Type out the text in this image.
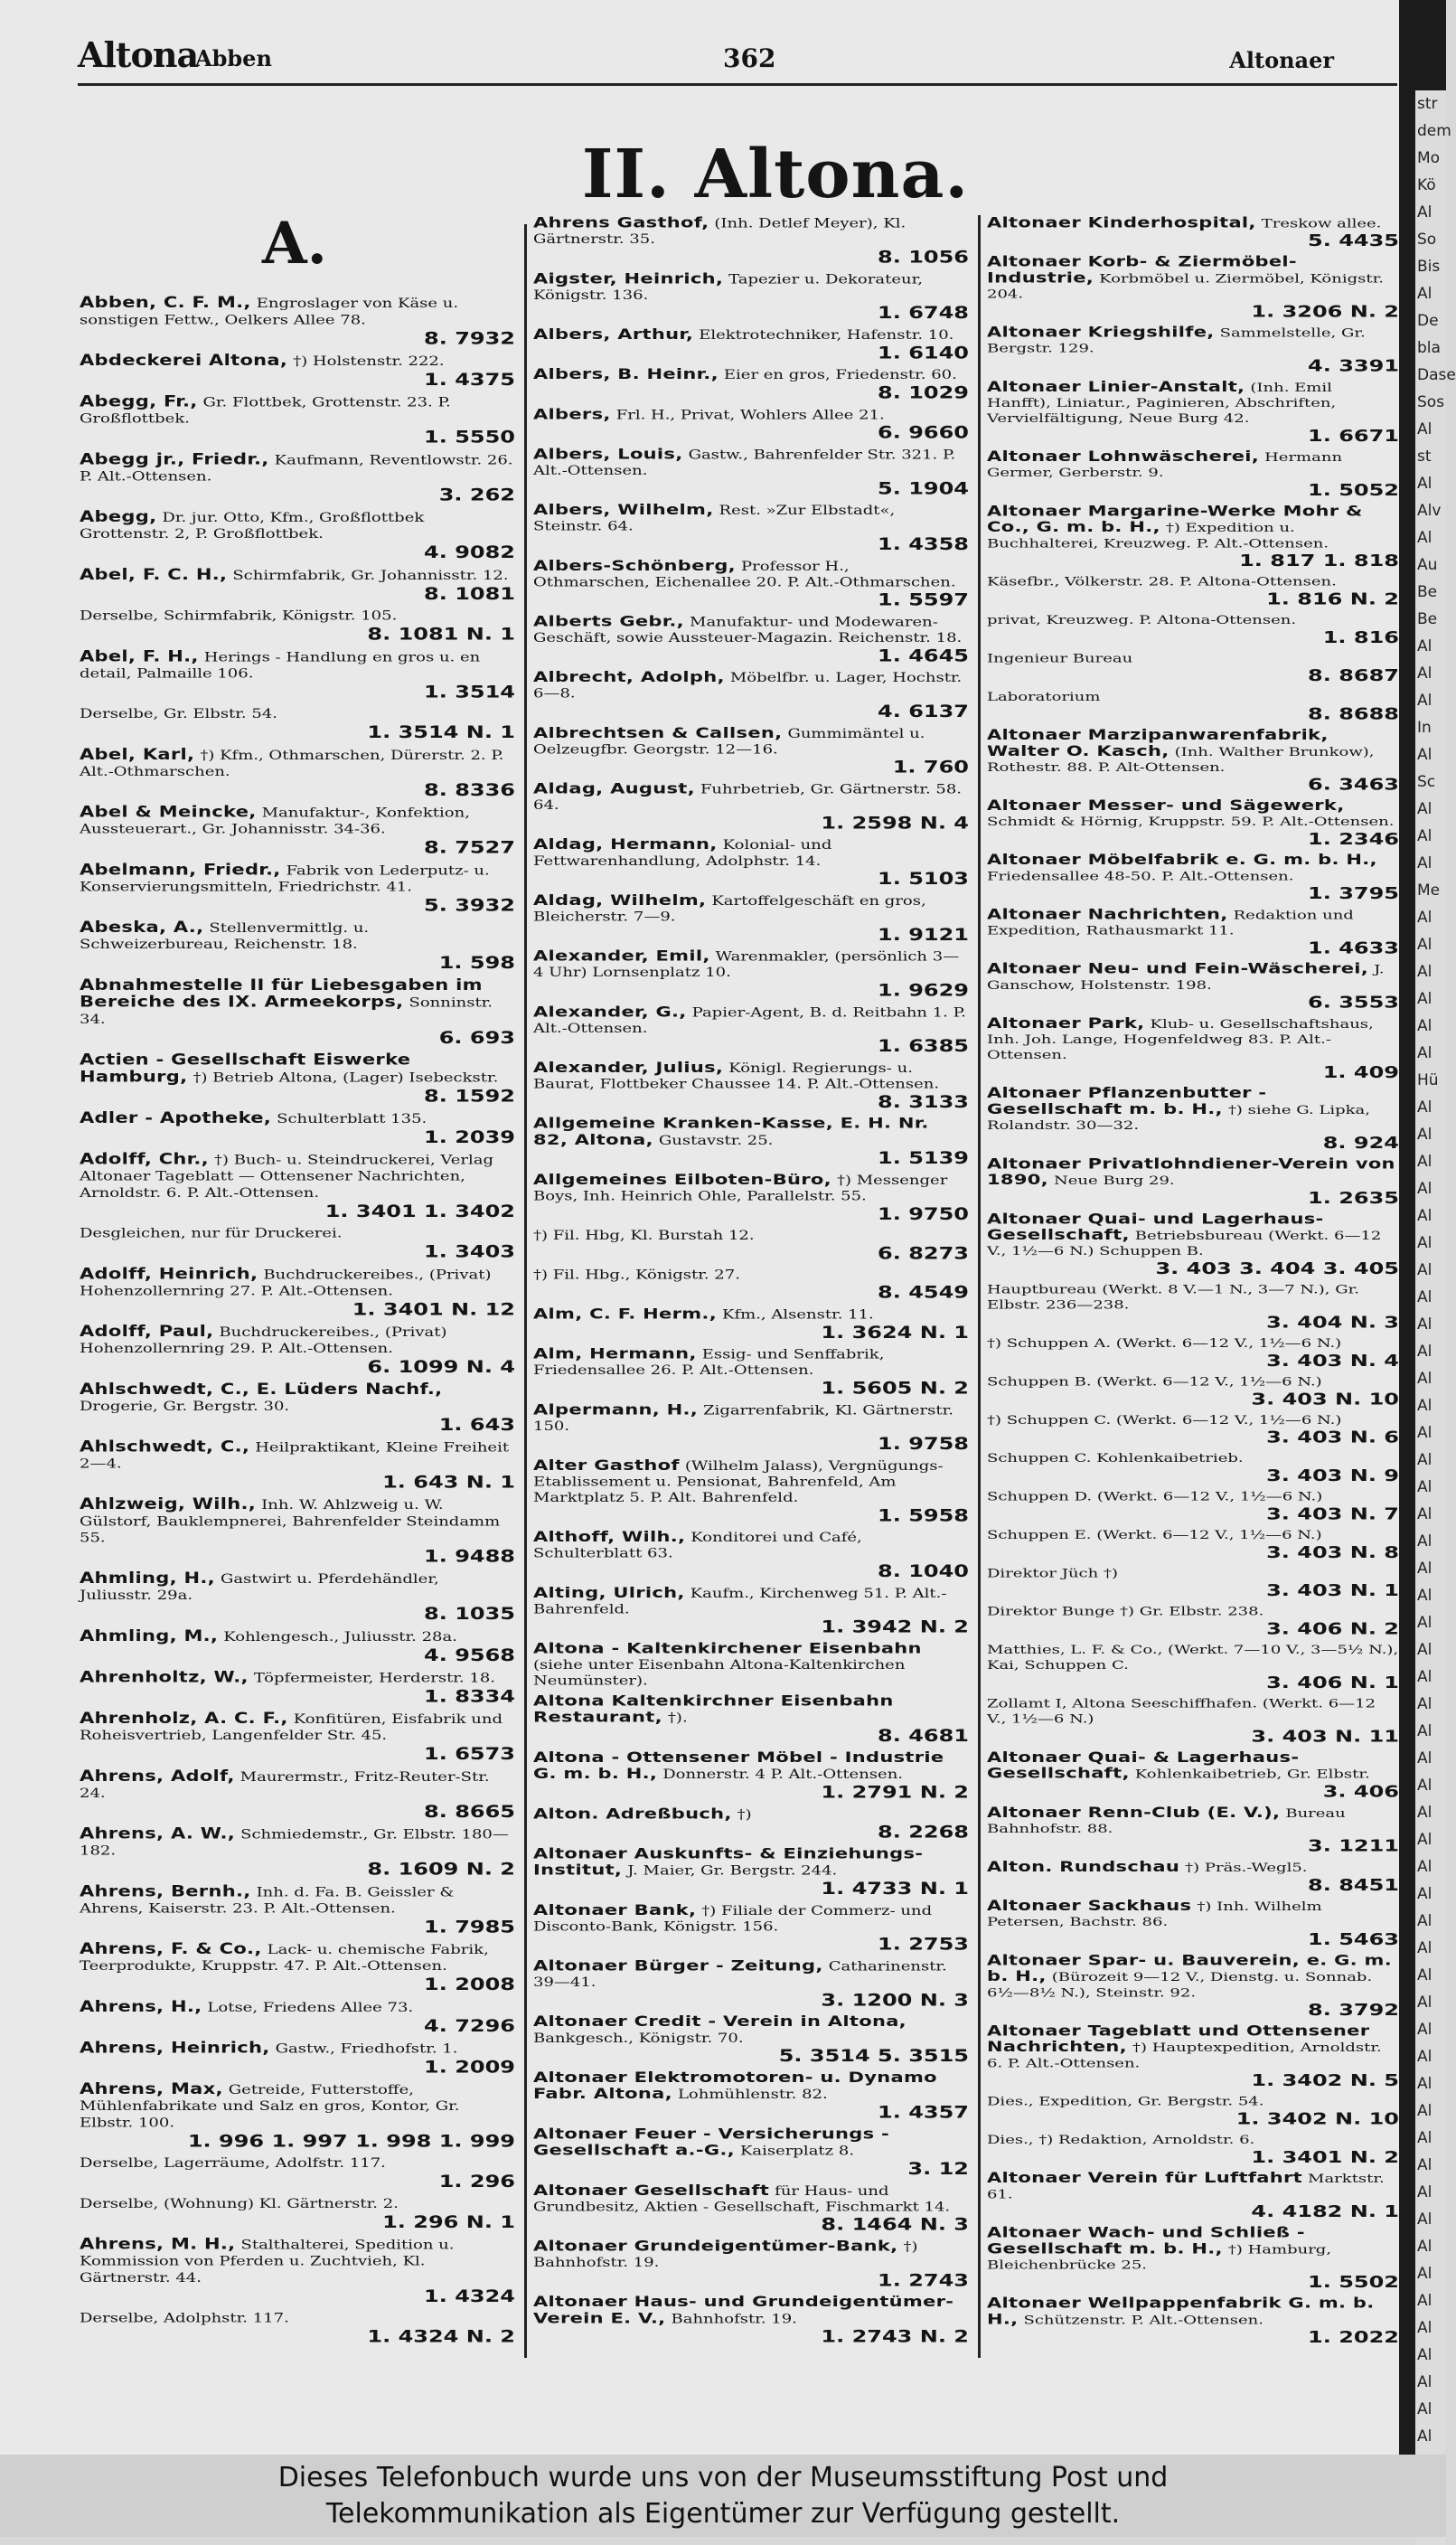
Altona
Abben	362	Altonaer
II. Altona.
A.
Abben, C. F. M., Engroslager von Käse u. sonstigen Fettw., Oelkers Allee 78.
8. 7932
Abdeckerei Altona, †) Holstenstr. 222.
1. 4375
Abegg, Fr., Gr. Flottbek, Grottenstr. 23. P. Großflottbek.
1. 5550
Abegg jr., Friedr., Kaufmann, Reventlowstr. 26. P. Alt.-Ottensen.
3. 262
Abegg, Dr. jur. Otto, Kfm., Großflottbek Grottenstr. 2, P. Großflottbek.
4. 9082
Abel, F. C. H., Schirmfabrik, Gr. Johannisstr. 12.
8. 1081
Derselbe, Schirmfabrik, Königstr. 105.
8. 1081 N. 1
Abel, F. H., Herings - Handlung en gros u. en detail, Palmaille 106.
1. 3514
Derselbe, Gr. Elbstr. 54.
1. 3514 N. 1
Abel, Karl, †) Kfm., Othmarschen, Dürerstr. 2. P. Alt.-Othmarschen.
8. 8336
Abel & Meincke, Manufaktur-, Konfektion, Aussteuerart., Gr. Johannisstr. 34-36.
8. 7527
Abelmann, Friedr., Fabrik von Lederputz- u. Konservierungsmitteln, Friedrichstr. 41.
5. 3932
Abeska, A., Stellenvermittlg. u. Schweizerbureau, Reichenstr. 18.
1. 598
Abnahmestelle II für Liebesgaben im Bereiche des IX. Armeekorps, Sonninstr. 34.
6. 693
Actien - Gesellschaft Eiswerke Hamburg, †) Betrieb Altona, (Lager) Isebeckstr.
8. 1592
Adler - Apotheke, Schulterblatt 135.
1. 2039
Adolff, Chr., †) Buch- u. Steindruckerei, Verlag Altonaer Tageblatt — Ottensener Nachrichten, Arnoldstr. 6. P. Alt.-Ottensen.
1. 3401 1. 3402
Desgleichen, nur für Druckerei.
1. 3403
Adolff, Heinrich, Buchdruckereibes., (Privat) Hohenzollernring 27. P. Alt.-Ottensen.
1. 3401 N. 12
Adolff, Paul, Buchdruckereibes., (Privat) Hohenzollernring 29. P. Alt.-Ottensen.
6. 1099 N. 4
Ahlschwedt, C., E. Lüders Nachf., Drogerie, Gr. Bergstr. 30.
1. 643
Ahlschwedt, C., Heilpraktikant, Kleine Freiheit 2—4.
1. 643 N. 1
Ahlzweig, Wilh., Inh. W. Ahlzweig u. W. Gülstorf, Bauklempnerei, Bahrenfelder Steindamm 55.
1. 9488
Ahmling, H., Gastwirt u. Pferdehändler, Juliusstr. 29a.
8. 1035
Ahmling, M., Kohlengesch., Juliusstr. 28a.
4. 9568
Ahrenholtz, W., Töpfermeister, Herderstr. 18.
1. 8334
Ahrenholz, A. C. F., Konfitüren, Eisfabrik und Roheisvertrieb, Langenfelder Str. 45.
1. 6573
Ahrens, Adolf, Maurermstr., Fritz-Reuter-Str. 24.
8. 8665
Ahrens, A. W., Schmiedemstr., Gr. Elbstr. 180—182.
8. 1609 N. 2
Ahrens, Bernh., Inh. d. Fa. B. Geissler & Ahrens, Kaiserstr. 23. P. Alt.-Ottensen.
1. 7985
Ahrens, F. & Co., Lack- u. chemische Fabrik, Teerprodukte, Kruppstr. 47. P. Alt.-Ottensen.
1. 2008
Ahrens, H., Lotse, Friedens Allee 73.
4. 7296
Ahrens, Heinrich, Gastw., Friedhofstr. 1.
1. 2009
Ahrens, Max, Getreide, Futterstoffe, Mühlenfabrikate und Salz en gros, Kontor, Gr. Elbstr. 100.
1. 996 1. 997 1. 998 1. 999
Derselbe, Lagerräume, Adolfstr. 117.
1. 296
Derselbe, (Wohnung) Kl. Gärtnerstr. 2.
1. 296 N. 1
Ahrens, M. H., Stalthalterei, Spedition u. Kommission von Pferden u. Zuchtvieh, Kl. Gärtnerstr. 44.
1. 4324
Derselbe, Adolphstr. 117.
1. 4324 N. 2
Ahrens Gasthof, (Inh. Detlef Meyer), Kl. Gärtnerstr. 35.
8. 1056
Aigster, Heinrich, Tapezier u. Dekorateur, Königstr. 136.
1. 6748
Albers, Arthur, Elektrotechniker, Hafenstr. 10.
1. 6140
Albers, B. Heinr., Eier en gros, Friedenstr. 60.
8. 1029
Albers, Frl. H., Privat, Wohlers Allee 21.
6. 9660
Albers, Louis, Gastw., Bahrenfelder Str. 321. P. Alt.-Ottensen.
5. 1904
Albers, Wilhelm, Rest. »Zur Elbstadt«, Steinstr. 64.
1. 4358
Albers-Schönberg, Professor H., Othmarschen, Eichenallee 20. P. Alt.-Othmarschen.
1. 5597
Alberts Gebr., Manufaktur- und Modewaren-Geschäft, sowie Aussteuer-Magazin. Reichenstr. 18.
1. 4645
Albrecht, Adolph, Möbelfbr. u. Lager, Hochstr. 6—8.
4. 6137
Albrechtsen & Callsen, Gummimäntel u. Oelzeugfbr. Georgstr. 12—16.
1. 760
Aldag, August, Fuhrbetrieb, Gr. Gärtnerstr. 58. 64.
1. 2598 N. 4
Aldag, Hermann, Kolonial- und Fettwarenhandlung, Adolphstr. 14.
1. 5103
Aldag, Wilhelm, Kartoffelgeschäft en gros, Bleicherstr. 7—9.
1. 9121
Alexander, Emil, Warenmakler, (persönlich 3—4 Uhr) Lornsenplatz 10.
1. 9629
Alexander, G., Papier-Agent, B. d. Reitbahn 1. P. Alt.-Ottensen.
1. 6385
Alexander, Julius, Königl. Regierungs- u. Baurat, Flottbeker Chaussee 14. P. Alt.-Ottensen.
8. 3133
Allgemeine Kranken-Kasse, E. H. Nr. 82, Altona, Gustavstr. 25.
1. 5139
Allgemeines Eilboten-Büro, †) Messenger Boys, Inh. Heinrich Ohle, Parallelstr. 55.
1. 9750
†) Fil. Hbg, Kl. Burstah 12.
6. 8273
†) Fil. Hbg., Königstr. 27.
8. 4549
Alm, C. F. Herm., Kfm., Alsenstr. 11.
1. 3624 N. 1
Alm, Hermann, Essig- und Senffabrik, Friedensallee 26. P. Alt.-Ottensen.
1. 5605 N. 2
Alpermann, H., Zigarrenfabrik, Kl. Gärtnerstr. 150.
1. 9758
Alter Gasthof (Wilhelm Jalass), Vergnügungs-Etablissement u. Pensionat, Bahrenfeld, Am Marktplatz 5. P. Alt. Bahrenfeld.
1. 5958
Althoff, Wilh., Konditorei und Café, Schulterblatt 63.
8. 1040
Alting, Ulrich, Kaufm., Kirchenweg 51. P. Alt.-Bahrenfeld.
1. 3942 N. 2
Altona - Kaltenkirchener Eisenbahn (siehe unter Eisenbahn Altona-Kaltenkirchen Neumünster).
Altona Kaltenkirchner Eisenbahn Restaurant, †).
8. 4681
Altona - Ottensener Möbel - Industrie G. m. b. H., Donnerstr. 4 P. Alt.-Ottensen.
1. 2791 N. 2
Alton. Adreßbuch, †)
8. 2268
Altonaer Auskunfts- & Einziehungs-Institut, J. Maier, Gr. Bergstr. 244.
1. 4733 N. 1
Altonaer Bank, †) Filiale der Commerz- und Disconto-Bank, Königstr. 156.
1. 2753
Altonaer Bürger - Zeitung, Catharinenstr. 39—41.
3. 1200 N. 3
Altonaer Credit - Verein in Altona, Bankgesch., Königstr. 70.
5. 3514 5. 3515
Altonaer Elektromotoren- u. Dynamo Fabr. Altona, Lohmühlenstr. 82.
1. 4357
Altonaer Feuer - Versicherungs - Gesellschaft a.-G., Kaiserplatz 8.
3. 12
Altonaer Gesellschaft für Haus- und Grundbesitz, Aktien - Gesellschaft, Fischmarkt 14.
8. 1464 N. 3
Altonaer Grundeigentümer-Bank, †) Bahnhofstr. 19.
1. 2743
Altonaer Haus- und Grundeigentümer-Verein E. V., Bahnhofstr. 19.
1. 2743 N. 2
Altonaer Kinderhospital, Treskow allee.
5. 4435
Altonaer Korb- & Ziermöbel-Industrie, Korbmöbel u. Ziermöbel, Königstr. 204.
1. 3206 N. 2
Altonaer Kriegshilfe, Sammelstelle, Gr. Bergstr. 129.
4. 3391
Altonaer Linier-Anstalt, (Inh. Emil Hanfft), Liniatur., Paginieren, Abschriften, Vervielfältigung, Neue Burg 42.
1. 6671
Altonaer Lohnwäscherei, Hermann Germer, Gerberstr. 9.
1. 5052
Altonaer Margarine-Werke Mohr & Co., G. m. b. H., †) Expedition u. Buchhalterei, Kreuzweg. P. Alt.-Ottensen.
1. 817 1. 818
Käsefbr., Völkerstr. 28. P. Altona-Ottensen.
1. 816 N. 2
privat, Kreuzweg. P. Altona-Ottensen.
1. 816
Ingenieur Bureau
8. 8687
Laboratorium
8. 8688
Altonaer Marzipanwarenfabrik, Walter O. Kasch, (Inh. Walther Brunkow), Rothestr. 88. P. Alt-Ottensen.
6. 3463
Altonaer Messer- und Sägewerk, Schmidt & Hörnig, Kruppstr. 59. P. Alt.-Ottensen.
1. 2346
Altonaer Möbelfabrik e. G. m. b. H., Friedensallee 48-50. P. Alt.-Ottensen.
1. 3795
Altonaer Nachrichten, Redaktion und Expedition, Rathausmarkt 11.
1. 4633
Altonaer Neu- und Fein-Wäscherei, J. Ganschow, Holstenstr. 198.
6. 3553
Altonaer Park, Klub- u. Gesellschaftshaus, Inh. Joh. Lange, Hogenfeldweg 83. P. Alt.-Ottensen.
1. 409
Altonaer Pflanzenbutter - Gesellschaft m. b. H., †) siehe G. Lipka, Rolandstr. 30—32.
8. 924
Altonaer Privatlohndiener-Verein von 1890, Neue Burg 29.
1. 2635
Altonaer Quai- und Lagerhaus-Gesellschaft, Betriebsbureau (Werkt. 6—12 V., 1½—6 N.) Schuppen B.
3. 403 3. 404 3. 405
Hauptbureau (Werkt. 8 V.—1 N., 3—7 N.), Gr. Elbstr. 236—238.
3. 404 N. 3
†) Schuppen A. (Werkt. 6—12 V., 1½—6 N.)
3. 403 N. 4
Schuppen B. (Werkt. 6—12 V., 1½—6 N.)
3. 403 N. 10
†) Schuppen C. (Werkt. 6—12 V., 1½—6 N.)
3. 403 N. 6
Schuppen C. Kohlenkaibetrieb.
3. 403 N. 9
Schuppen D. (Werkt. 6—12 V., 1½—6 N.)
3. 403 N. 7
Schuppen E. (Werkt. 6—12 V., 1½—6 N.)
3. 403 N. 8
Direktor Jüch †)
3. 403 N. 1
Direktor Bunge †) Gr. Elbstr. 238.
3. 406 N. 2
Matthies, L. F. & Co., (Werkt. 7—10 V., 3—5½ N.), Kai, Schuppen C.
3. 406 N. 1
Zollamt I, Altona Seeschiffhafen. (Werkt. 6—12 V., 1½—6 N.)
3. 403 N. 11
Altonaer Quai- & Lagerhaus-Gesellschaft, Kohlenkaibetrieb, Gr. Elbstr.
3. 406
Altonaer Renn-Club (E. V.), Bureau Bahnhofstr. 88.
3. 1211
Alton. Rundschau †) Präs.-Wegl5.
8. 8451
Altonaer Sackhaus †) Inh. Wilhelm Petersen, Bachstr. 86.
1. 5463
Altonaer Spar- u. Bauverein, e. G. m. b. H., (Bürozeit 9—12 V., Dienstg. u. Sonnab. 6½—8½ N.), Steinstr. 92.
8. 3792
Altonaer Tageblatt und Ottensener Nachrichten, †) Hauptexpedition, Arnoldstr. 6. P. Alt.-Ottensen.
1. 3402 N. 5
Dies., Expedition, Gr. Bergstr. 54.
1. 3402 N. 10
Dies., †) Redaktion, Arnoldstr. 6.
1. 3401 N. 2
Altonaer Verein für Luftfahrt Marktstr. 61.
4. 4182 N. 1
Altonaer Wach- und Schließ - Gesellschaft m. b. H., †) Hamburg, Bleichenbrücke 25.
1. 5502
Altonaer Wellpappenfabrik G. m. b. H., Schützenstr. P. Alt.-Ottensen.
1. 2022
str
dem
Mo
Kö
Al
So
Bis
Al
De
bla
Dase
Sos
Al
st
Al
Alv
Al
Au
Be
Be
Al
Al
Al
In
Al
Sc
Al
Al
Al
Me
Al
Al
Al
Al
Al
Al
Hü
Al
Al
Al
Al
Al
Al
Al
Al
Al
Al
Al
Al
Al
Al
Al
Al
Al
Al
Al
Al
Al
Al
Al
Al
Al
Al
Al
Al
Al
Al
Al
Al
Al
Al
Al
Al
Al
Al
Al
Al
Al
Al
Al
Al
Al
Al
Al
Al
Al
Al
Dieses Telefonbuch wurde uns von der Museumsstiftung Post und
Telekommunikation als Eigentümer zur Verfügung gestellt.
